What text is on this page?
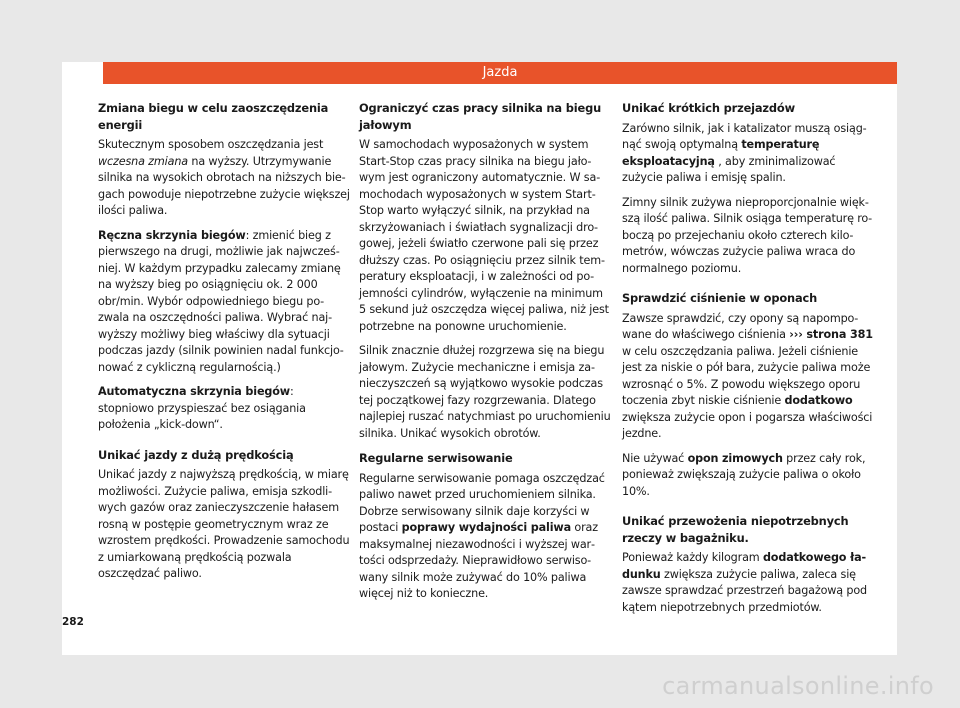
Jazda
Zmiana biegu w celu zaoszczędzenia energii

Skutecznym sposobem oszczędzania jest wczesna zmiana na wyższy. Utrzymywanie silnika na wysokich obrotach na niższych biegach powoduje niepotrzebne zużycie większej ilości paliwa.

Ręczna skrzynia biegów: zmienić bieg z pierwszego na drugi, możliwie jak najwcześniej. W każdym przypadku zalecamy zmianę na wyższy bieg po osiągnięciu ok. 2 000 obr/min. Wybór odpowiedniego biegu pozwala na oszczędności paliwa. Wybrać najwyższy możliwy bieg właściwy dla sytuacji podczas jazdy (silnik powinien nadal funkcjonować z cykliczną regularnością.)

Automatyczna skrzynia biegów: stopniowo przyspieszać bez osiągania położenia „kick-down“.

Unikać jazdy z dużą prędkością

Unikać jazdy z najwyższą prędkością, w miarę możliwości. Zużycie paliwa, emisja szkodliwych gazów oraz zanieczyszczenie hałasem rosną w postępie geometrycznym wraz ze wzrostem prędkości. Prowadzenie samochodu z umiarkowaną prędkością pozwala oszczędzać paliwo.

Ograniczyć czas pracy silnika na biegu jałowym

W samochodach wyposażonych w system Start-Stop czas pracy silnika na biegu jałowym jest ograniczony automatycznie. W samochodach wyposażonych w system Start-Stop warto wyłączyć silnik, na przykład na skrzyżowaniach i światłach sygnalizacji drogowej, jeżeli światło czerwone pali się przez dłuższy czas. Po osiągnięciu przez silnik temperatury eksploatacji, i w zależności od pojemności cylindrów, wyłączenie na minimum 5 sekund już oszczędza więcej paliwa, niż jest potrzebne na ponowne uruchomienie.

Silnik znacznie dłużej rozgrzewa się na biegu jałowym. Zużycie mechaniczne i emisja zanieczyszczeń są wyjątkowo wysokie podczas tej początkowej fazy rozgrzewania. Dlatego najlepiej ruszać natychmiast po uruchomieniu silnika. Unikać wysokich obrotów.

Regularne serwisowanie

Regularne serwisowanie pomaga oszczędzać paliwo nawet przed uruchomieniem silnika. Dobrze serwisowany silnik daje korzyści w postaci poprawy wydajności paliwa oraz maksymalnej niezawodności i wyższej wartości odsprzedaży. Nieprawidłowo serwisowany silnik może zużywać do 10% paliwa więcej niż to konieczne.

Unikać krótkich przejazdów

Zarówno silnik, jak i katalizator muszą osiągnąć swoją optymalną temperaturę eksploatacyjną , aby zminimalizować zużycie paliwa i emisję spalin.

Zimny silnik zużywa nieproporcjonalnie większą ilość paliwa. Silnik osiąga temperaturę roboczą po przejechaniu około czterech kilometrów, wówczas zużycie paliwa wraca do normalnego poziomu.

Sprawdzić ciśnienie w oponach

Zawsze sprawdzić, czy opony są napompowane do właściwego ciśnienia ››› strona 381 w celu oszczędzania paliwa. Jeżeli ciśnienie jest za niskie o pół bara, zużycie paliwa może wzrosnąć o 5%. Z powodu większego oporu toczenia zbyt niskie ciśnienie dodatkowo zwiększa zużycie opon i pogarsza właściwości jezdne.

Nie używać opon zimowych przez cały rok, ponieważ zwiększają zużycie paliwa o około 10%.

Unikać przewożenia niepotrzebnych rzeczy w bagażniku.

Ponieważ każdy kilogram dodatkowego ładunku zwiększa zużycie paliwa, zaleca się zawsze sprawdzać przestrzeń bagażową pod kątem niepotrzebnych przedmiotów.

282
carmanualsonline.info
